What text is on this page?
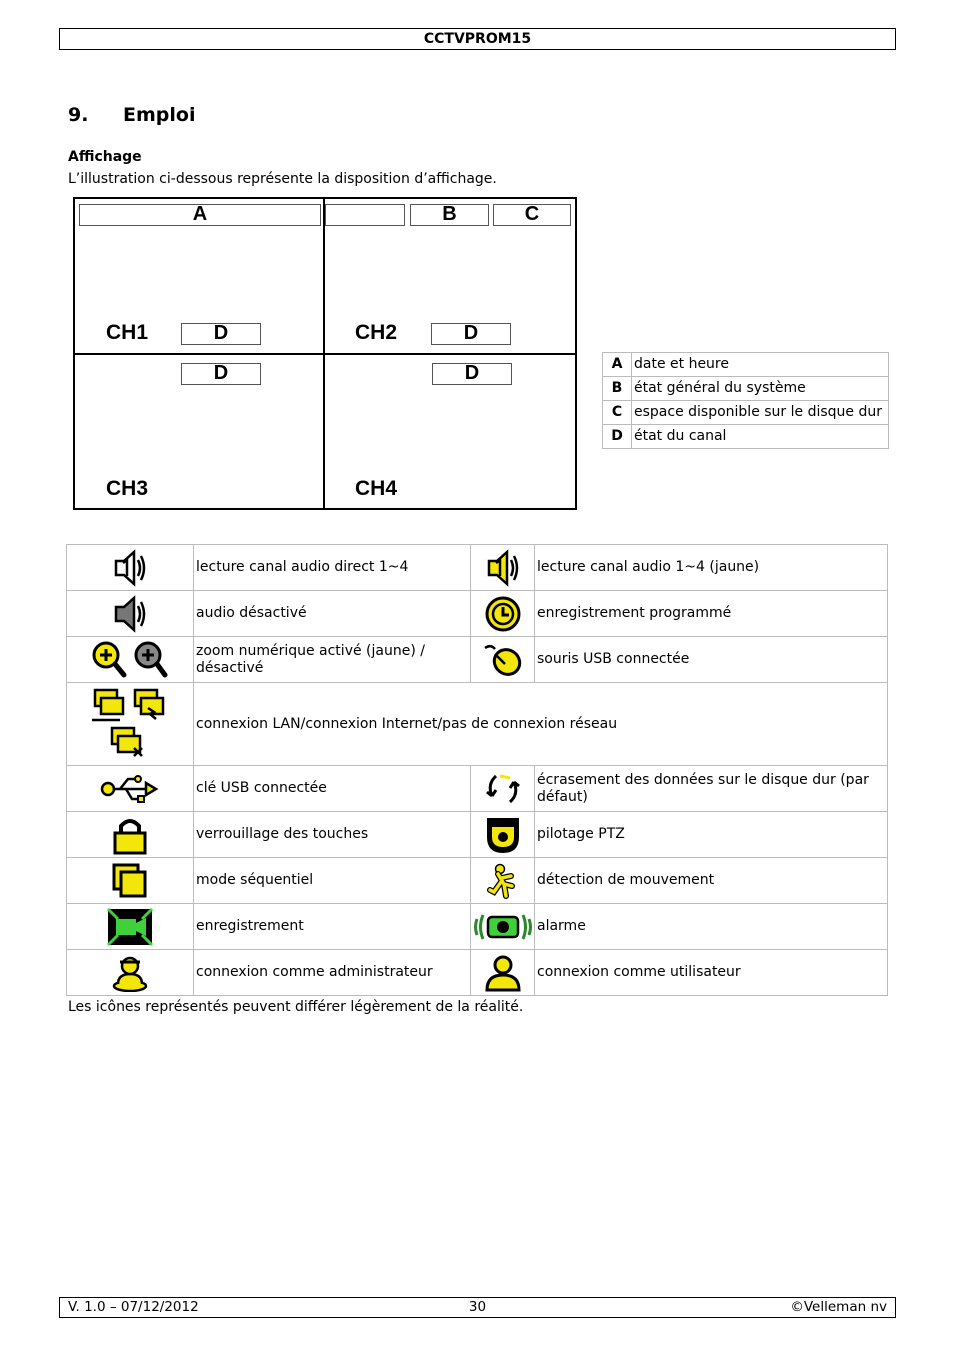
CCTVPROM15
9. Emploi
Affichage
L’illustration ci-dessous représente la disposition d’affichage.
A	B	C
CH1	D	CH2	D
D	D
CH3	CH4
A	date et heure
B	état général du système
C	espace disponible sur le disque dur
D	état du canal
	lecture canal audio direct 1~4		lecture canal audio 1~4 (jaune)
	audio désactivé		enregistrement programmé
	zoom numérique activé (jaune) / désactivé		souris USB connectée
	connexion LAN/connexion Internet/pas de connexion réseau		
	clé USB connectée		écrasement des données sur le disque dur (par défaut)
	verrouillage des touches		pilotage PTZ
	mode séquentiel		détection de mouvement
	enregistrement		alarme
	connexion comme administrateur		connexion comme utilisateur
Les icônes représentés peuvent différer légèrement de la réalité.
30
V. 1.0 – 07/12/2012	©Velleman nv
